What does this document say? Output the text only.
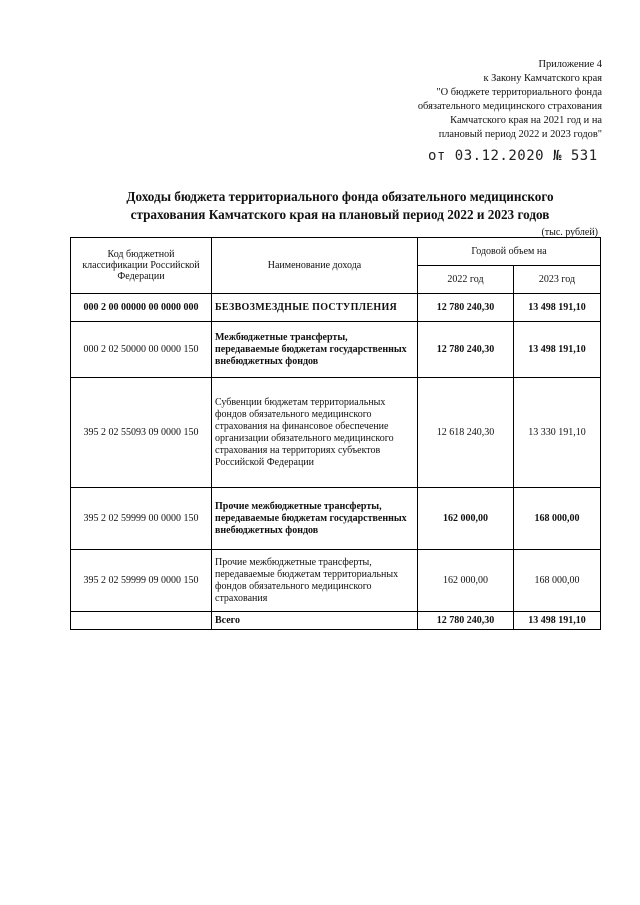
Приложение 4
к Закону Камчатского края
"О бюджете территориального фонда
обязательного медицинского страхования
Камчатского края на 2021 год и на
плановый период 2022 и 2023 годов"
от 03.12.2020 № 531
Доходы бюджета территориального фонда обязательного медицинского
страхования Камчатского края на плановый период 2022 и 2023 годов
(тыс. рублей)
Код бюджетной классификации Российской Федерации	Наименование дохода	Годовой объем на	
		2022 год	2023 год
000 2 00 00000 00 0000 000	БЕЗВОЗМЕЗДНЫЕ ПОСТУПЛЕНИЯ	12 780 240,30	13 498 191,10
000 2 02 50000 00 0000 150	Межбюджетные трансферты, передаваемые бюджетам государственных внебюджетных фондов	12 780 240,30	13 498 191,10
395 2 02 55093 09 0000 150	Субвенции бюджетам территориальных фондов обязательного медицинского страхования на финансовое обеспечение организации обязательного медицинского страхования на территориях субъектов Российской Федерации	12 618 240,30	13 330 191,10
395 2 02 59999 00 0000 150	Прочие межбюджетные трансферты, передаваемые бюджетам государственных внебюджетных фондов	162 000,00	168 000,00
395 2 02 59999 09 0000 150	Прочие межбюджетные трансферты, передаваемые бюджетам территориальных фондов обязательного медицинского страхования	162 000,00	168 000,00
	Всего	12 780 240,30	13 498 191,10
